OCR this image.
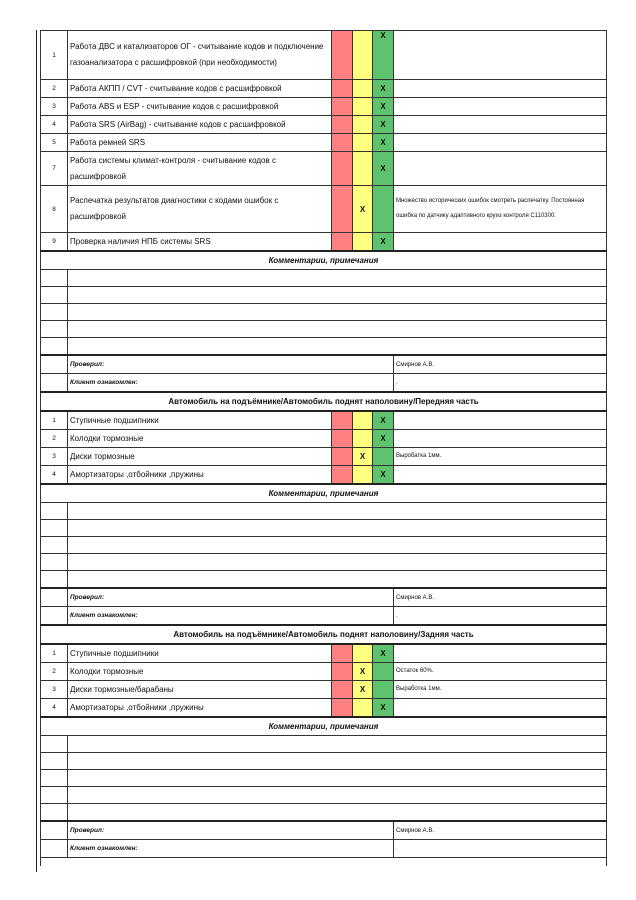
1	Работа ДВС и катализаторов ОГ - считывание кодов и подключение газоанализатора с расшифровкой (при необходимости)			X	
2	Работа АКПП / CVT - считывание кодов с расшифровкой			X	
3	Работа ABS и ESP - считывание кодов с расшифровкой			X	
4	Работа SRS (AirBag) - считывание кодов с расшифровкой			X	
5	Работа ремней SRS			X	
7	Работа системы климат-контроля - считывание кодов с расшифровкой			X	
8	Распечатка результатов диагностики с кодами ошибок с расшифровкой		X		Множество исторических ошибок смотреть распечатку. Постоянная ошибка по датчику адаптивного круиз контроля C110300.
9	Проверка наличия НПБ системы SRS			X	
Комментарии, примечания					

	Проверил:				Смирнов А.В.
	Клиент ознакомлен:				.
Автомобиль на подъёмнике/Автомобиль поднят наполовину/Передняя часть					
1	Ступичные подшипники			X	
2	Колодки тормозные			X	
3	Диски тормозные		X		Выробатка 1мм.
4	Амортизаторы ,отбойники ,пружины			X	
Комментарии, примечания					

	Проверил:				Смирнов А.В.
	Клиент ознакомлен:				.
Автомобиль на подъёмнике/Автомобиль поднят наполовину/Задняя часть					
1	Ступичные подшипники			X	
2	Колодки тормозные		X		Остаток 60%.
3	Диски тормозные/барабаны		X		Выработка 1мм.
4	Амортизаторы ,отбойники ,пружины			X	
Комментарии, примечания					

	Проверил:				Смирнов А.В.
	Клиент ознакомлен:				.
